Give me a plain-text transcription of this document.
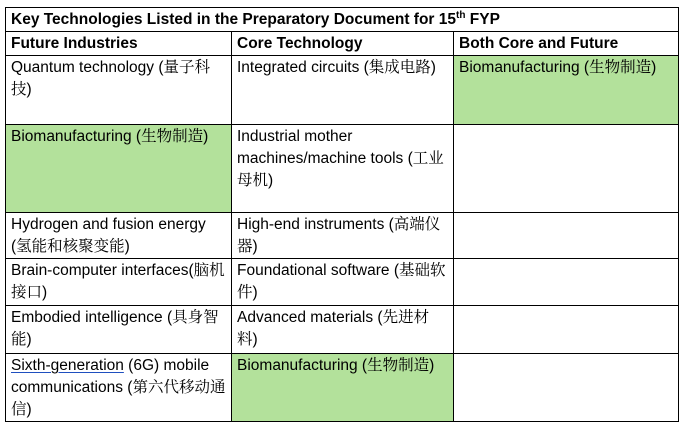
Key Technologies Listed in the Preparatory Document for 15th FYP		
Future Industries	Core Technology	Both Core and Future
Quantum technology (量子科技)	Integrated circuits (集成电路)	Biomanufacturing (生物制造)
Biomanufacturing (生物制造)	Industrial mother machines/machine tools (工业母机)	
Hydrogen and fusion energy (氢能和核聚变能)	High-end instruments (高端仪器)	
Brain-computer interfaces(脑机接口)	Foundational software (基础软件)	
Embodied intelligence (具身智能)	Advanced materials (先进材料)	
Sixth-generation (6G) mobile communications (第六代移动通信)	Biomanufacturing (生物制造)	
